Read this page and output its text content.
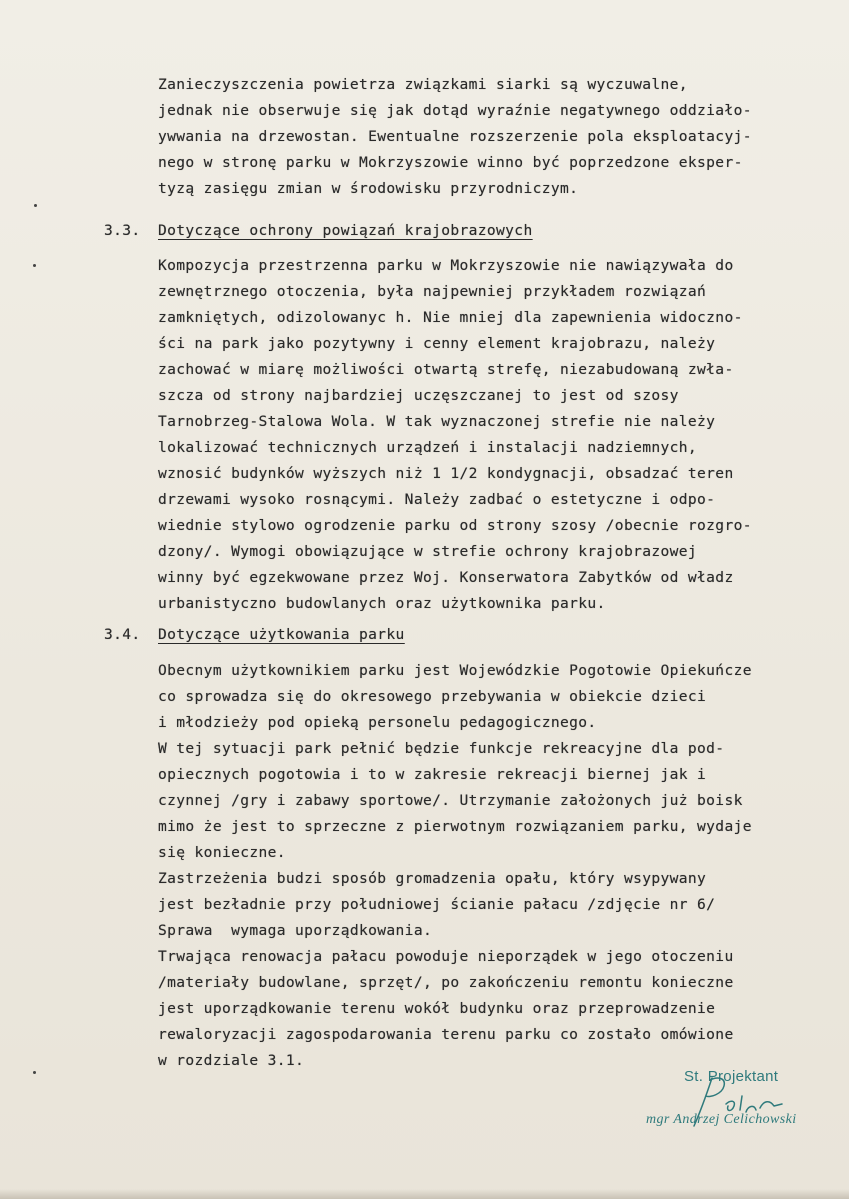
Zanieczyszczenia powietrza związkami siarki są wyczuwalne,
jednak nie obserwuje się jak dotąd wyraźnie negatywnego oddziało-
ywwania na drzewostan. Ewentualne rozszerzenie pola eksploatacyj-
nego w stronę parku w Mokrzyszowie winno być poprzedzone eksper-
tyzą zasięgu zmian w środowisku przyrodniczym.
3.3. Dotyczące ochrony powiązań krajobrazowych
Kompozycja przestrzenna parku w Mokrzyszowie nie nawiązywała do
zewnętrznego otoczenia, była najpewniej przykładem rozwiązań
zamkniętych, odizolowanyc h. Nie mniej dla zapewnienia widoczno-
ści na park jako pozytywny i cenny element krajobrazu, należy
zachować w miarę możliwości otwartą strefę, niezabudowaną zwła-
szcza od strony najbardziej uczęszczanej to jest od szosy
Tarnobrzeg-Stalowa Wola. W tak wyznaczonej strefie nie należy
lokalizować technicznych urządzeń i instalacji nadziemnych,
wznosić budynków wyższych niż 1 1/2 kondygnacji, obsadzać teren
drzewami wysoko rosnącymi. Należy zadbać o estetyczne i odpo-
wiednie stylowo ogrodzenie parku od strony szosy /obecnie rozgro-
dzony/. Wymogi obowiązujące w strefie ochrony krajobrazowej
winny być egzekwowane przez Woj. Konserwatora Zabytków od władz
urbanistyczno budowlanych oraz użytkownika parku.
3.4. Dotyczące użytkowania parku
Obecnym użytkownikiem parku jest Wojewódzkie Pogotowie Opiekuńcze
co sprowadza się do okresowego przebywania w obiekcie dzieci
i młodzieży pod opieką personelu pedagogicznego.
W tej sytuacji park pełnić będzie funkcje rekreacyjne dla pod-
opiecznych pogotowia i to w zakresie rekreacji biernej jak i
czynnej /gry i zabawy sportowe/. Utrzymanie założonych już boisk
mimo że jest to sprzeczne z pierwotnym rozwiązaniem parku, wydaje
się konieczne.
Zastrzeżenia budzi sposób gromadzenia opału, który wsypywany
jest bezładnie przy południowej ścianie pałacu /zdjęcie nr 6/
Sprawa  wymaga uporządkowania.
Trwająca renowacja pałacu powoduje nieporządek w jego otoczeniu
/materiały budowlane, sprzęt/, po zakończeniu remontu konieczne
jest uporządkowanie terenu wokół budynku oraz przeprowadzenie
rewaloryzacji zagospodarowania terenu parku co zostało omówione
w rozdziale 3.1.
St. Projektant
mgr Andrzej Celichowski
